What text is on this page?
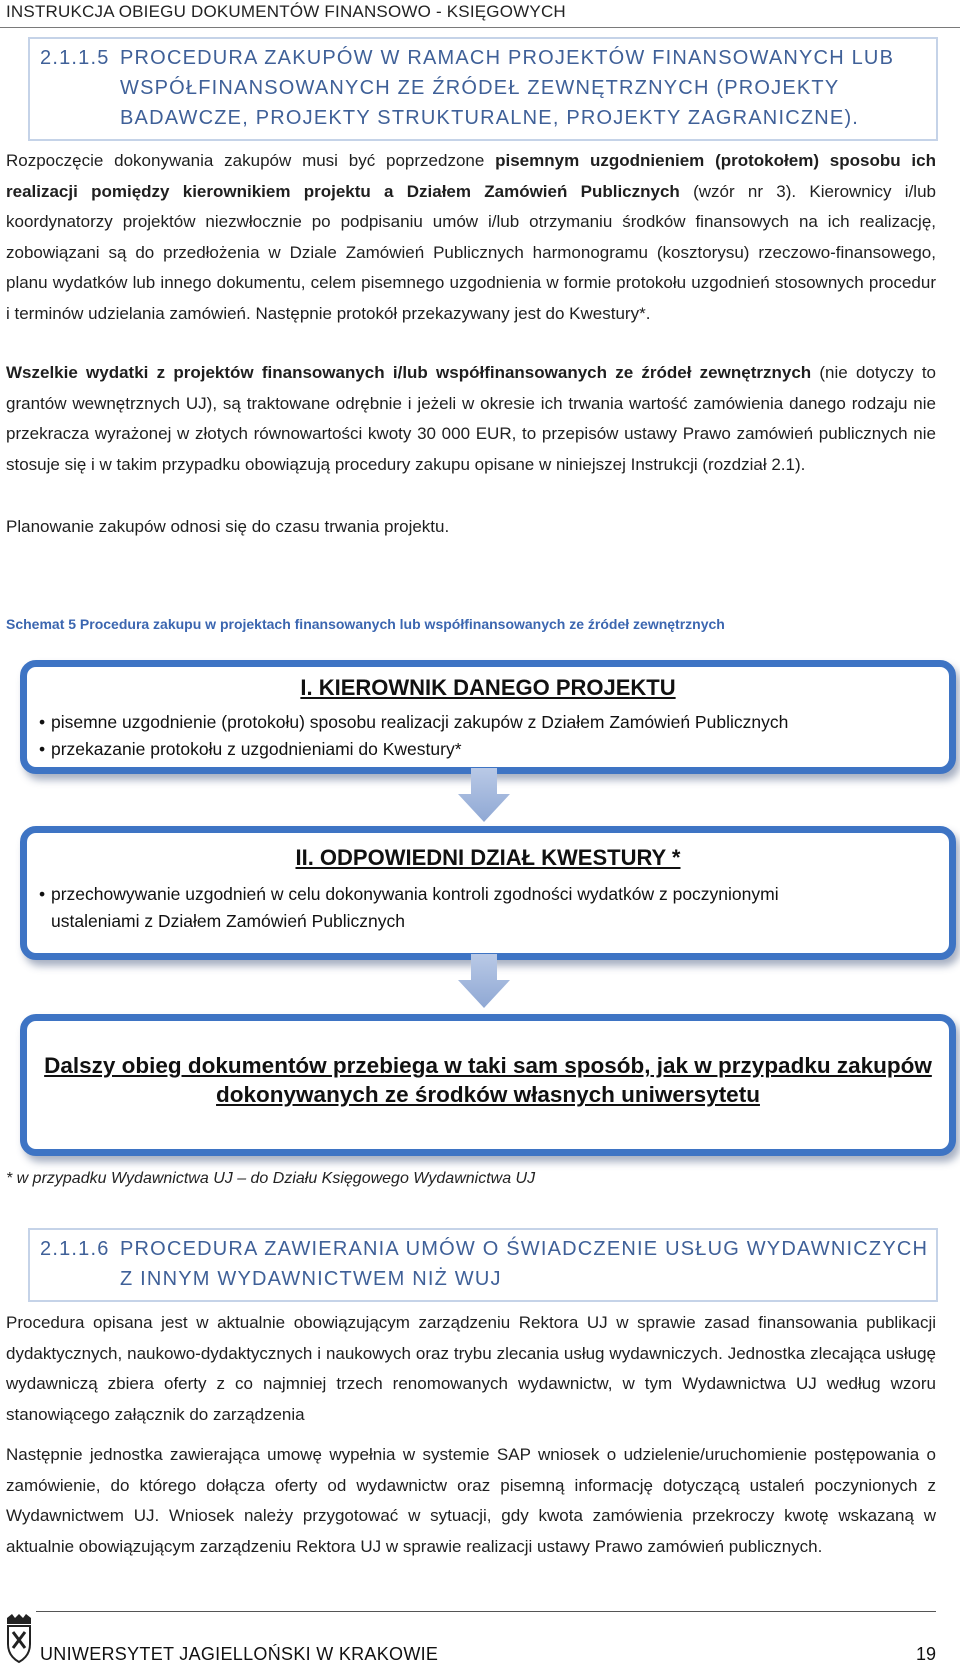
INSTRUKCJA OBIEGU DOKUMENTÓW FINANSOWO - KSIĘGOWYCH
2.1.1.5 PROCEDURA ZAKUPÓW W RAMACH PROJEKTÓW FINANSOWANYCH LUB
WSPÓŁFINANSOWANYCH ZE ŹRÓDEŁ ZEWNĘTRZNYCH (PROJEKTY
BADAWCZE, PROJEKTY STRUKTURALNE, PROJEKTY ZAGRANICZNE).

Rozpoczęcie dokonywania zakupów musi być poprzedzone pisemnym uzgodnieniem (protokołem) sposobu ich realizacji pomiędzy kierownikiem projektu a Działem Zamówień Publicznych (wzór nr 3). Kierownicy i/lub koordynatorzy projektów niezwłocznie po podpisaniu umów i/lub otrzymaniu środków finansowych na ich realizację, zobowiązani są do przedłożenia w Dziale Zamówień Publicznych harmonogramu (kosztorysu) rzeczowo-finansowego, planu wydatków lub innego dokumentu, celem pisemnego uzgodnienia w formie protokołu uzgodnień stosownych procedur i terminów udzielania zamówień. Następnie protokół przekazywany jest do Kwestury*.

Wszelkie wydatki z projektów finansowanych i/lub współfinansowanych ze źródeł zewnętrznych (nie dotyczy to grantów wewnętrznych UJ), są traktowane odrębnie i jeżeli w okresie ich trwania wartość zamówienia danego rodzaju nie przekracza wyrażonej w złotych równowartości kwoty 30 000 EUR, to przepisów ustawy Prawo zamówień publicznych nie stosuje się i w takim przypadku obowiązują procedury zakupu opisane w niniejszej Instrukcji (rozdział 2.1).

Planowanie zakupów odnosi się do czasu trwania projektu.

Schemat 5 Procedura zakupu w projektach finansowanych lub współfinansowanych ze źródeł zewnętrznych
I. KIEROWNIK DANEGO PROJEKTU
• pisemne uzgodnienie (protokołu) sposobu realizacji zakupów z Działem Zamówień Publicznych
• przekazanie protokołu z uzgodnieniami do Kwestury*
II. ODPOWIEDNI DZIAŁ KWESTURY *
• przechowywanie uzgodnień w celu dokonywania kontroli zgodności wydatków z poczynionymi ustaleniami z Działem Zamówień Publicznych
Dalszy obieg dokumentów przebiega w taki sam sposób, jak w przypadku zakupów
dokonywanych ze środków własnych uniwersytetu
* w przypadku Wydawnictwa UJ – do Działu Księgowego Wydawnictwa UJ
2.1.1.6 PROCEDURA ZAWIERANIA UMÓW O ŚWIADCZENIE USŁUG WYDAWNICZYCH
Z INNYM WYDAWNICTWEM NIŻ WUJ

Procedura opisana jest w aktualnie obowiązującym zarządzeniu Rektora UJ w sprawie zasad finansowania publikacji dydaktycznych, naukowo-dydaktycznych i naukowych oraz trybu zlecania usług wydawniczych. Jednostka zlecająca usługę wydawniczą zbiera oferty z co najmniej trzech renomowanych wydawnictw, w tym Wydawnictwa UJ według wzoru stanowiącego załącznik do zarządzenia

Następnie jednostka zawierająca umowę wypełnia w systemie SAP wniosek o udzielenie/uruchomienie postępowania o zamówienie, do którego dołącza oferty od wydawnictw oraz pisemną informację dotyczącą ustaleń poczynionych z Wydawnictwem UJ. Wniosek należy przygotować w sytuacji, gdy kwota zamówienia przekroczy kwotę wskazaną w aktualnie obowiązującym zarządzeniu Rektora UJ w sprawie realizacji ustawy Prawo zamówień publicznych.

UNIWERSYTET JAGIELLOŃSKI W KRAKOWIE	19
